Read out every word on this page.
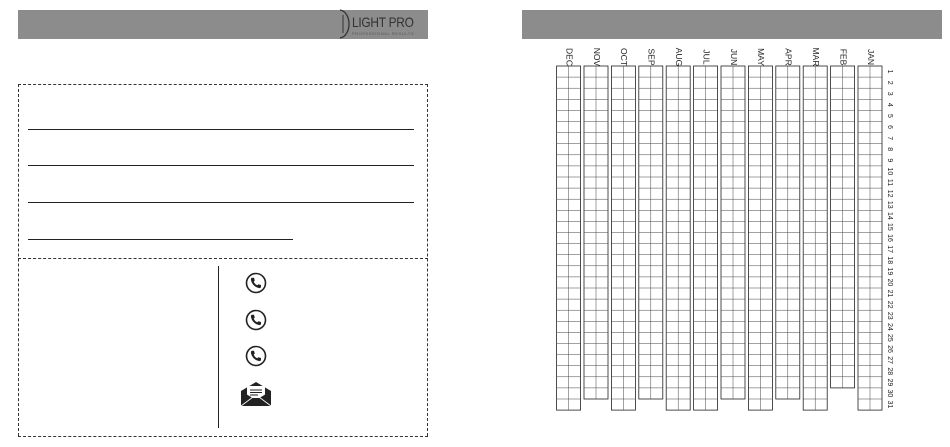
LIGHT PRO
PROFESSIONAL RESULTS
JAN
FEB
MAR
APR
MAY
JUN
JUL
AUG
SEP
OCT
NOV
DEC
1
2
3
4
5
6
7
8
9
10
11
12
13
14
15
16
17
18
19
20
21
22
23
24
25
26
27
28
29
30
31
